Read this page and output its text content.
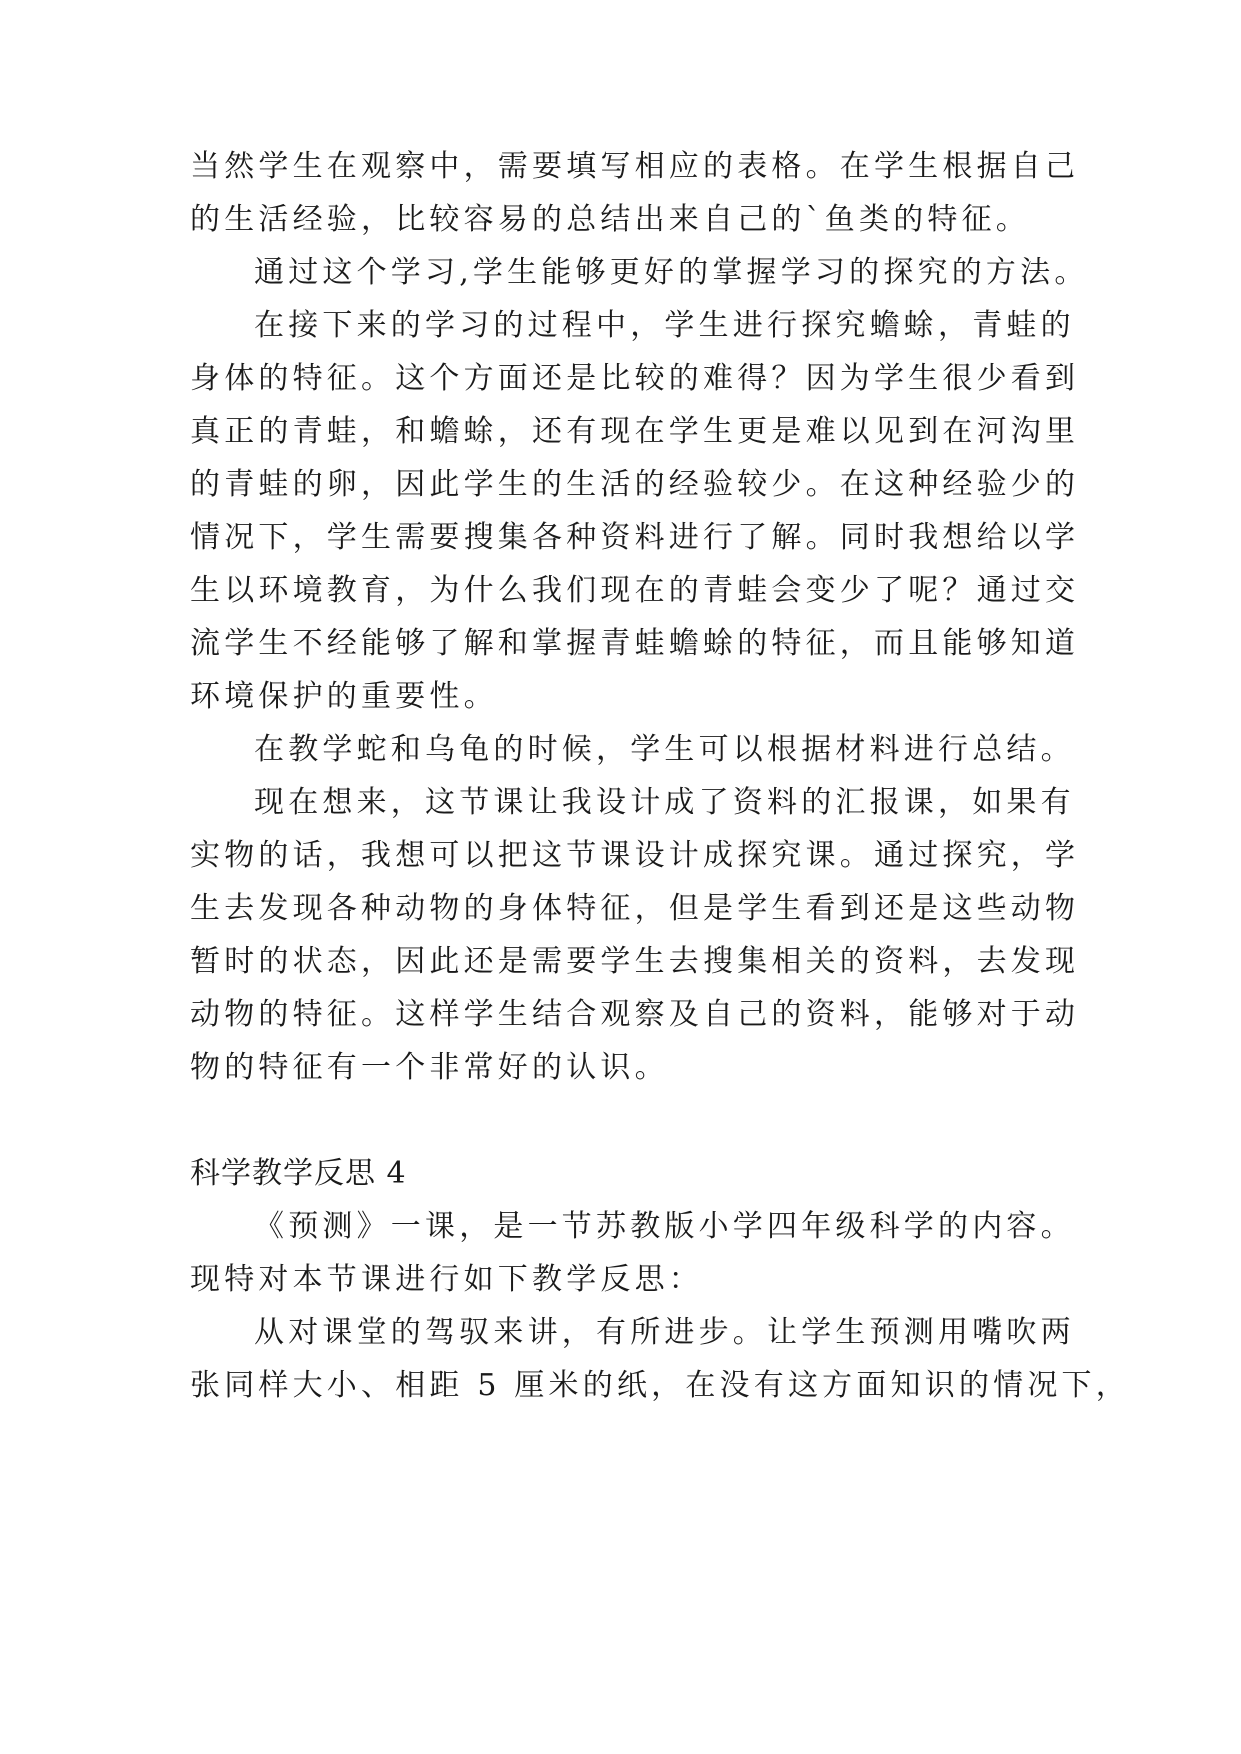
当然学生在观察中，需要填写相应的表格。在学生根据自己

的生活经验，比较容易的总结出来自己的`鱼类的特征。

通过这个学习,学生能够更好的掌握学习的探究的方法。

在接下来的学习的过程中，学生进行探究蟾蜍，青蛙的

身体的特征。这个方面还是比较的难得？因为学生很少看到

真正的青蛙，和蟾蜍，还有现在学生更是难以见到在河沟里

的青蛙的卵，因此学生的生活的经验较少。在这种经验少的

情况下，学生需要搜集各种资料进行了解。同时我想给以学

生以环境教育，为什么我们现在的青蛙会变少了呢？通过交

流学生不经能够了解和掌握青蛙蟾蜍的特征，而且能够知道

环境保护的重要性。

在教学蛇和乌龟的时候，学生可以根据材料进行总结。

现在想来，这节课让我设计成了资料的汇报课，如果有

实物的话，我想可以把这节课设计成探究课。通过探究，学

生去发现各种动物的身体特征，但是学生看到还是这些动物

暂时的状态，因此还是需要学生去搜集相关的资料，去发现

动物的特征。这样学生结合观察及自己的资料，能够对于动

物的特征有一个非常好的认识。

科学教学反思 4

《预测》一课，是一节苏教版小学四年级科学的内容。

现特对本节课进行如下教学反思：

从对课堂的驾驭来讲，有所进步。让学生预测用嘴吹两

张同样大小、相距 5 厘米的纸，在没有这方面知识的情况下，
